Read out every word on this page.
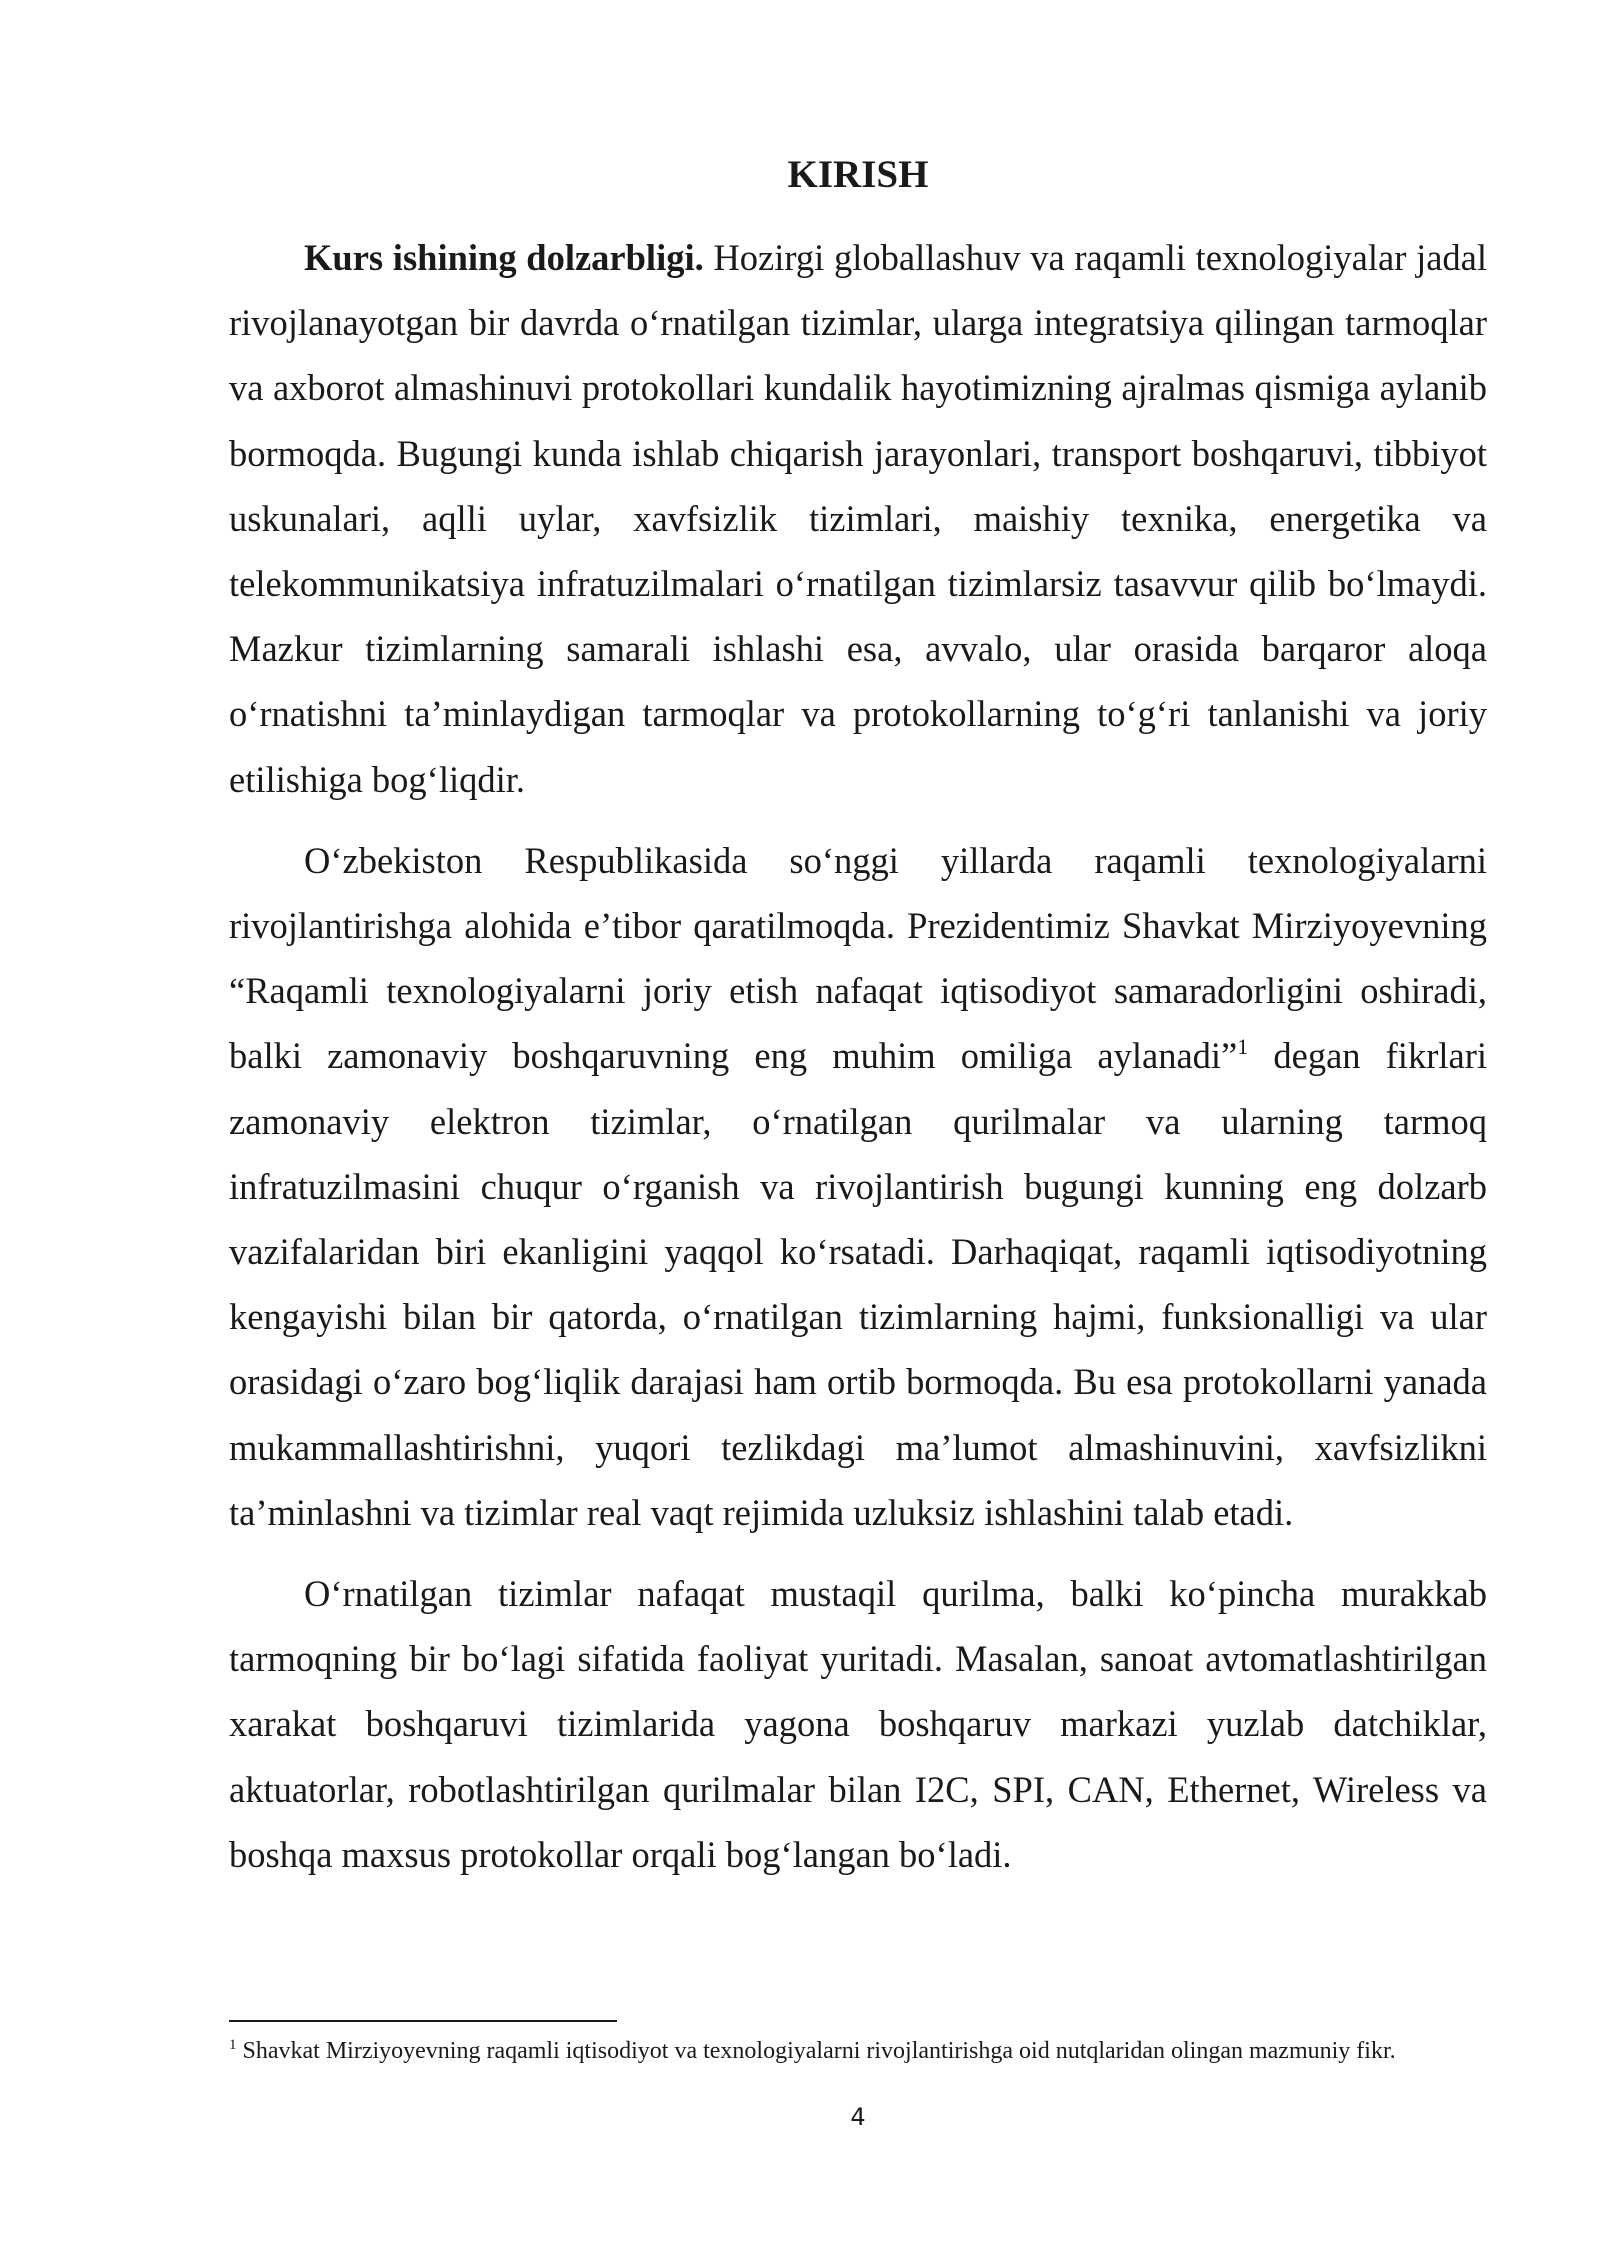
KIRISH

Kurs ishining dolzarbligi. Hozirgi globallashuv va raqamli texnologiyalar jadal rivojlanayotgan bir davrda oʻrnatilgan tizimlar, ularga integratsiya qilingan tarmoqlar va axborot almashinuvi protokollari kundalik hayotimizning ajralmas qismiga aylanib bormoqda. Bugungi kunda ishlab chiqarish jarayonlari, transport boshqaruvi, tibbiyot uskunalari, aqlli uylar, xavfsizlik tizimlari, maishiy texnika, energetika va telekommunikatsiya infratuzilmalari oʻrnatilgan tizimlarsiz tasavvur qilib boʻlmaydi. Mazkur tizimlarning samarali ishlashi esa, avvalo, ular orasida barqaror aloqa oʻrnatishni taʼminlaydigan tarmoqlar va protokollarning toʻgʻri tanlanishi va joriy etilishiga bogʻliqdir.

Oʻzbekiston Respublikasida soʻnggi yillarda raqamli texnologiyalarni rivojlantirishga alohida eʼtibor qaratilmoqda. Prezidentimiz Shavkat Mirziyoyevning “Raqamli texnologiyalarni joriy etish nafaqat iqtisodiyot samaradorligini oshiradi, balki zamonaviy boshqaruvning eng muhim omiliga aylanadi”$^1$ degan fikrlari zamonaviy elektron tizimlar, oʻrnatilgan qurilmalar va ularning tarmoq infratuzilmasini chuqur oʻrganish va rivojlantirish bugungi kunning eng dolzarb vazifalaridan biri ekanligini yaqqol koʻrsatadi. Darhaqiqat, raqamli iqtisodiyotning kengayishi bilan bir qatorda, oʻrnatilgan tizimlarning hajmi, funksionalligi va ular orasidagi oʻzaro bogʻliqlik darajasi ham ortib bormoqda. Bu esa protokollarni yanada mukammallashtirishni, yuqori tezlikdagi maʼlumot almashinuvini, xavfsizlikni taʼminlashni va tizimlar real vaqt rejimida uzluksiz ishlashini talab etadi.

Oʻrnatilgan tizimlar nafaqat mustaqil qurilma, balki koʻpincha murakkab tarmoqning bir boʻlagi sifatida faoliyat yuritadi. Masalan, sanoat avtomatlashtirilgan xarakat boshqaruvi tizimlarida yagona boshqaruv markazi yuzlab datchiklar, aktuatorlar, robotlashtirilgan qurilmalar bilan I2C, SPI, CAN, Ethernet, Wireless va boshqa maxsus protokollar orqali bogʻlangan boʻladi.

$^1$ Shavkat Mirziyoyevning raqamli iqtisodiyot va texnologiyalarni rivojlantirishga oid nutqlaridan olingan mazmuniy fikr.
4
